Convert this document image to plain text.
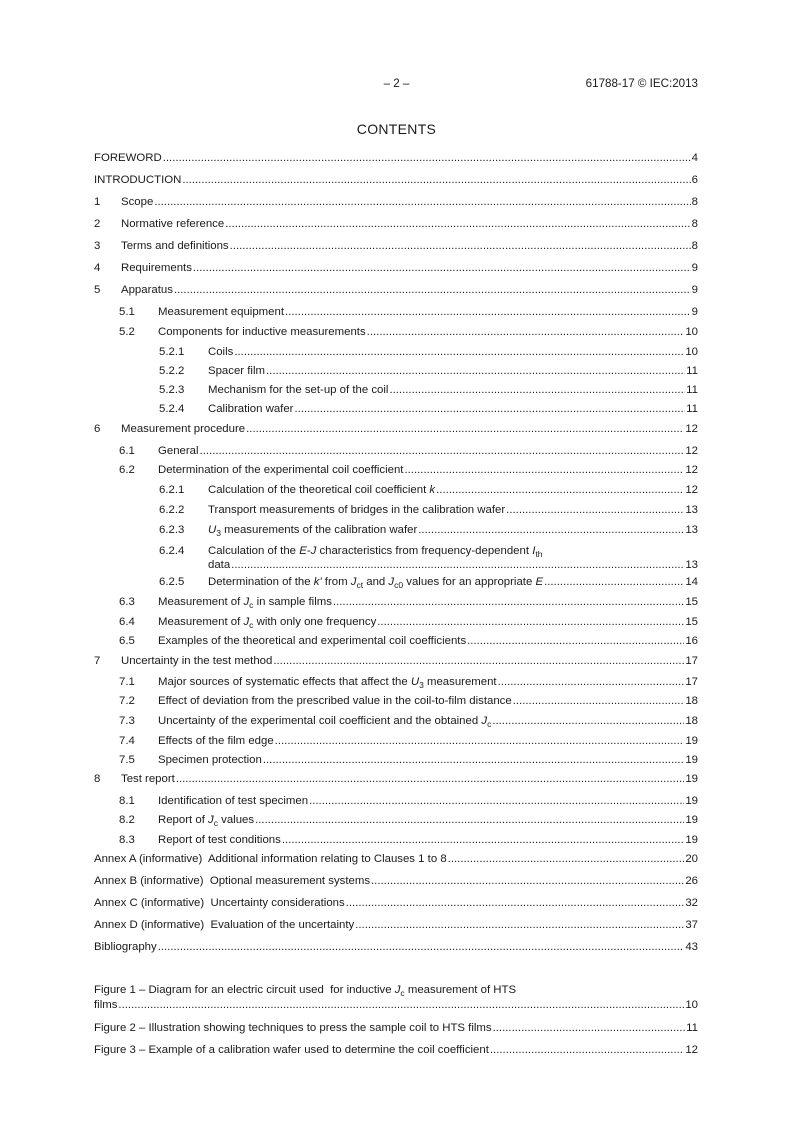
– 2 –	61788-17 © IEC:2013
CONTENTS
FOREWORD .....	4
INTRODUCTION .....	6
1	Scope .....	8
2	Normative reference .....	8
3	Terms and definitions .....	8
4	Requirements .....	9
5	Apparatus .....	9
5.1	Measurement equipment .....	9
5.2	Components for inductive measurements .....	10
5.2.1	Coils .....	10
5.2.2	Spacer film .....	11
5.2.3	Mechanism for the set-up of the coil .....	11
5.2.4	Calibration wafer .....	11
6	Measurement procedure .....	12
6.1	General .....	12
6.2	Determination of the experimental coil coefficient .....	12
6.2.1	Calculation of the theoretical coil coefficient k .....	12
6.2.2	Transport measurements of bridges in the calibration wafer .....	13
6.2.3	$U_3$ measurements of the calibration wafer .....	13
6.2.4 Calculation of the E-J characteristics from frequency-dependent $I_{th}$
data .....	13
6.2.5	Determination of the k' from $J_{ct}$ and $J_{c0}$ values for an appropriate E .....	14
6.3	Measurement of $J_c$ in sample films .....	15
6.4	Measurement of $J_c$ with only one frequency .....	15
6.5	Examples of the theoretical and experimental coil coefficients .....	16
7	Uncertainty in the test method .....	17
7.1	Major sources of systematic effects that affect the $U_3$ measurement .....	17
7.2	Effect of deviation from the prescribed value in the coil-to-film distance .....	18
7.3	Uncertainty of the experimental coil coefficient and the obtained $J_c$ .....	18
7.4	Effects of the film edge .....	19
7.5	Specimen protection .....	19
8	Test report .....	19
8.1	Identification of test specimen .....	19
8.2	Report of $J_c$ values .....	19
8.3	Report of test conditions .....	19
Annex A (informative)  Additional information relating to Clauses 1 to 8 .....	20
Annex B (informative)  Optional measurement systems .....	26
Annex C (informative)  Uncertainty considerations .....	32
Annex D (informative)  Evaluation of the uncertainty .....	37
Bibliography .....	43
Figure 1 – Diagram for an electric circuit used  for inductive $J_c$ measurement of HTS
films .....	10
Figure 2 – Illustration showing techniques to press the sample coil to HTS films .....	11
Figure 3 – Example of a calibration wafer used to determine the coil coefficient .....	12
